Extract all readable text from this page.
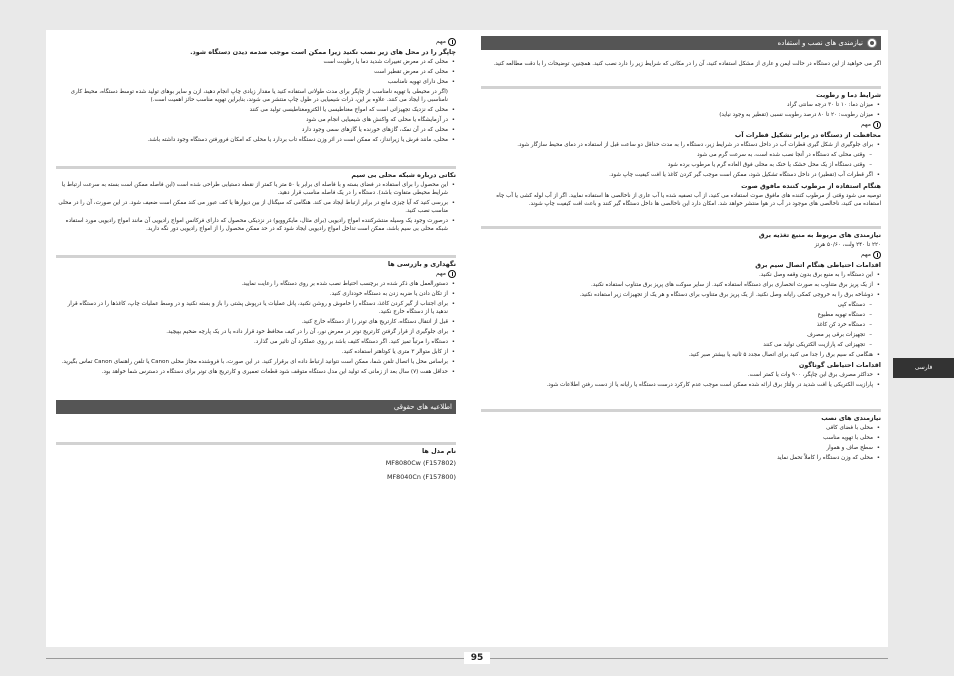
مهم
چاپگر را در محل های زیر نصب نکنید زیرا ممکن است موجب صدمه دیدن دستگاه شود.
• محلی که در معرض تغییرات شدید دما یا رطوبت است
• محلی که در معرض تقطیر است
• محل دارای تهویه نامناسب

(اگر در محیطی با تهویه نامناسب از چاپگر برای مدت طولانی استفاده کنید یا مقدار زیادی چاپ انجام دهید، ازن و سایر بوهای تولید شده توسط دستگاه، محیط کاری نامناسبی را ایجاد می کنند. علاوه بر این، ذرات شیمیایی در طول چاپ منتشر می شوند، بنابراین تهویه مناسب حائز اهمیت است.)

• محلی که نزدیک تجهیزاتی است که امواج مغناطیسی یا الکترومغناطیسی تولید می کنند
• در آزمایشگاه یا محلی که واکنش های شیمیایی انجام می شود
• محلی که در آن نمک، گازهای خورنده یا گازهای سمی وجود دارد
• محلی، مانند فرش یا زیرانداز، که ممکن است در اثر وزن دستگاه تاب بردارد یا محلی که امکان فرورفتن دستگاه وجود داشته باشد.
نکاتی درباره شبکه محلی بی سیم
• این محصول را برای استفاده در فضای بسته و با فاصله ای برابر با ۵۰ متر یا کمتر از نقطه دستیابی طراحی شده است (این فاصله ممکن است بسته به سرعت ارتباط یا شرایط محیطی متفاوت باشد). دستگاه را در یک فاصله مناسب قرار دهید.
• بررسی کنید که آیا چیزی مانع در برابر ارتباط ایجاد می کند. هنگامی که سیگنال از بین دیوارها یا کف عبور می کند ممکن است ضعیف شود. در این صورت، آن را در محلی مناسب نصب کنید.
• درصورت وجود یک وسیله منتشرکننده امواج رادیویی (برای مثال، مایکروویو) در نزدیکی محصول که دارای فرکانس امواج رادیویی آن مانند امواج رادیویی مورد استفاده شبکه محلی بی سیم باشد، ممکن است تداخل امواج رادیویی ایجاد شود که در حد ممکن محصول را از امواج رادیویی دور نگه دارید.
نگهداری و بازرسی ها
مهم
• دستورالعمل های ذکر شده در برچسب احتیاط نصب شده بر روی دستگاه را رعایت نمایید.
• از تکان دادن یا ضربه زدن به دستگاه خودداری کنید.
• برای اجتناب از گیر کردن کاغذ، دستگاه را خاموش و روشن نکنید، پانل عملیات یا درپوش پشتی را باز و بسته نکنید و در وسط عملیات چاپ، کاغذها را در دستگاه قرار ندهید یا از دستگاه خارج نکنید.
• قبل از انتقال دستگاه، کارتریج های تونر را از دستگاه خارج کنید.
• برای جلوگیری از قرار گرفتن کارتریج تونر در معرض نور، آن را در کیف محافظ خود قرار داده یا در یک پارچه ضخیم بپیچید.
• دستگاه را مرتباً تمیز کنید. اگر دستگاه کثیف باشد بر روی عملکرد آن تاثیر می گذارد.
• از کابل متوالر ۳ متری یا کوتاهتر استفاده کنید.
• براساس محل یا اتصال تلفن شما، ممکن است نتوانید ارتباط داده ای برقرار کنید. در این صورت، با فروشنده مجاز محلی Canon یا تلفن راهنمای Canon تماس بگیرید.
• حداقل هفت (۷) سال بعد از زمانی که تولید این مدل دستگاه متوقف شود قطعات تعمیری و کارتریج های تونر برای دستگاه در دسترس شما خواهد بود.
اطلاعیه های حقوقی
نام مدل ها

MF8080Cw (F157802)

MF8040Cn (F157800)

نیازمندی های نصب و استفاده

اگر می خواهید از این دستگاه در حالت ایمن و عاری از مشکل استفاده کنید، آن را در مکانی که شرایط زیر را دارد نصب کنید. همچنین، توضیحات را با دقت مطالعه کنید.

شرایط دما و رطوبت
• میزان دما: ۱۰ تا ۳۰ درجه سانتی گراد
• میزان رطوبت: ۲۰ تا ۸۰ درصد رطوبت نسبی (تقطیر به وجود نیاید)
مهم
محافظت از دستگاه در برابر تشکیل قطرات آب
• برای جلوگیری از شکل گیری قطرات آب در داخل دستگاه در شرایط زیر، دستگاه را به مدت حداقل دو ساعت قبل از استفاده در دمای محیط سازگار شود.
– وقتی محلی که دستگاه در آنجا نصب شده است، به سرعت گرم می شود
– وقتی دستگاه از یک محل خشک یا خنک به محلی فوق العاده گرم یا مرطوب برده شود
• اگر قطرات آب (تقطیر) در داخل دستگاه تشکیل شود، ممکن است موجب گیر کردن کاغذ یا افت کیفیت چاپ شود.
هنگام استفاده از مرطوب کننده مافوق صوت

توصیه می شود وقتی از مرطوب کننده های مافوق صوت استفاده می کنید، از آب تصفیه شده یا آب عاری از ناخالصی ها استفاده نمایید. اگر از آب لوله کشی یا آب چاه استفاده می کنید، ناخالصی های موجود در آب در هوا منتشر خواهد شد. امکان دارد این ناخالصی ها داخل دستگاه گیر کنند و باعث افت کیفیت چاپ شوند.

نیازمندی های مربوط به منبع تغذیه برق

۲۲۰ تا ۲۴۰ ولت، ۵۰/۶۰ هرتز

مهم
اقدامات احتیاطی هنگام اتصال سیم برق
• این دستگاه را به منبع برق بدون وقفه وصل نکنید.
• از یک پریز برق متناوب به صورت انحصاری برای دستگاه استفاده کنید. از سایر سوکت های پریز برق متناوب استفاده نکنید.
• دوشاخه برق را به خروجی کمکی رایانه وصل نکنید. از یک پریز برق متناوب برای دستگاه و هر یک از تجهیزات زیر استفاده نکنید.
– دستگاه کپی
– دستگاه تهویه مطبوع
– دستگاه خرد کن کاغذ
– تجهیزات برقی پر مصرف
– تجهیزاتی که پارازیت الکتریکی تولید می کنند
• هنگامی که سیم برق را جدا می کنید برای اتصال مجدد ۵ ثانیه یا بیشتر صبر کنید.
اقدامات احتیاطی گوناگون
• حداکثر مصرف برق این چاپگر، ۹۰۰ وات یا کمتر است.
• پارازیت الکتریکی یا افت شدید در ولتاژ برق ارائه شده ممکن است موجب عدم کارکرد درست دستگاه یا رایانه یا از دست رفتن اطلاعات شود.
نیازمندی های نصب
• محلی با فضای کافی
• محلی با تهویه مناسب
• سطح صاف و هموار
• محلی که وزن دستگاه را کاملاً تحمل نماید
فارسی
95
